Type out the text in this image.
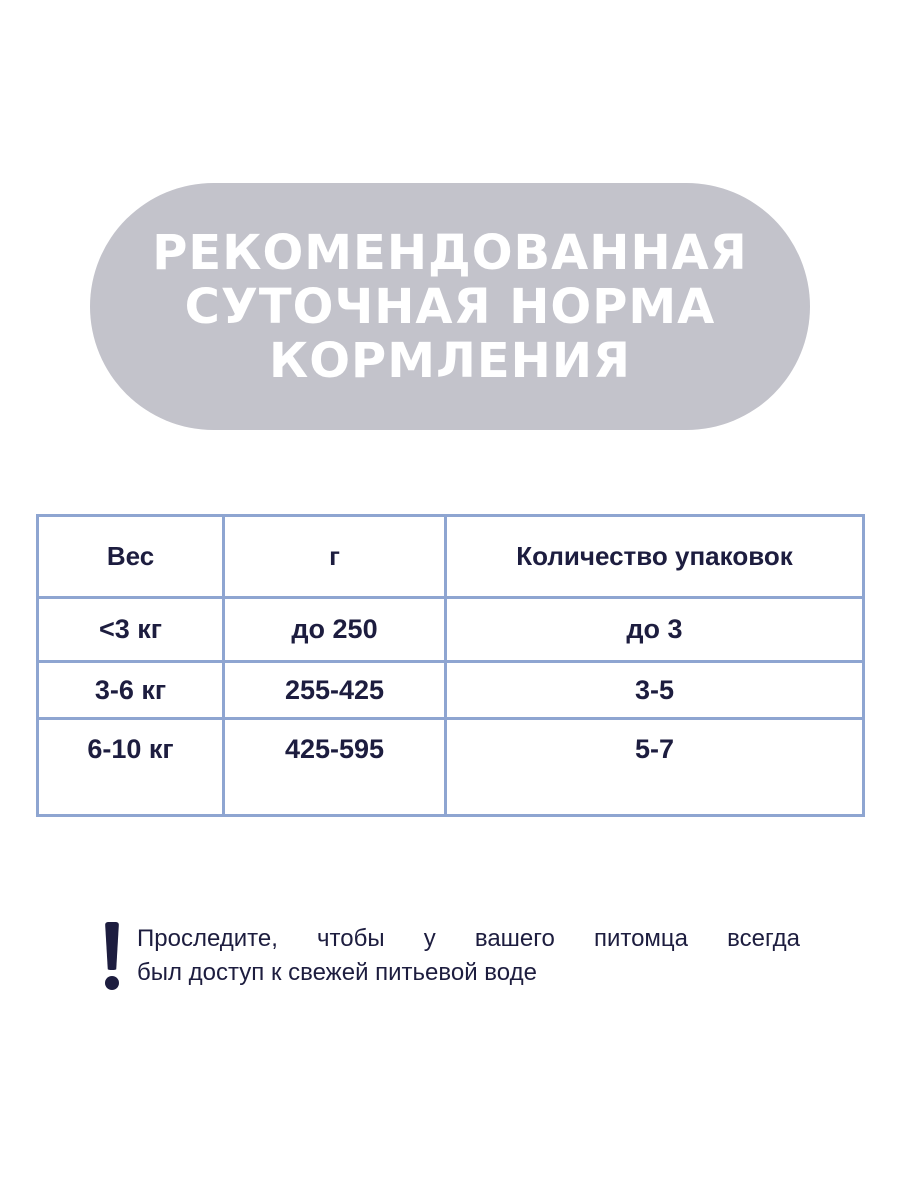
РЕКОМЕНДОВАННАЯ
СУТОЧНАЯ НОРМА
КОРМЛЕНИЯ
Вес	г	Количество упаковок
<3 кг	до 250	до 3
3-6 кг	255-425	3-5
6-10 кг	425-595	5-7

Проследите, чтобы у вашего питомца всегда
был доступ к свежей питьевой воде
